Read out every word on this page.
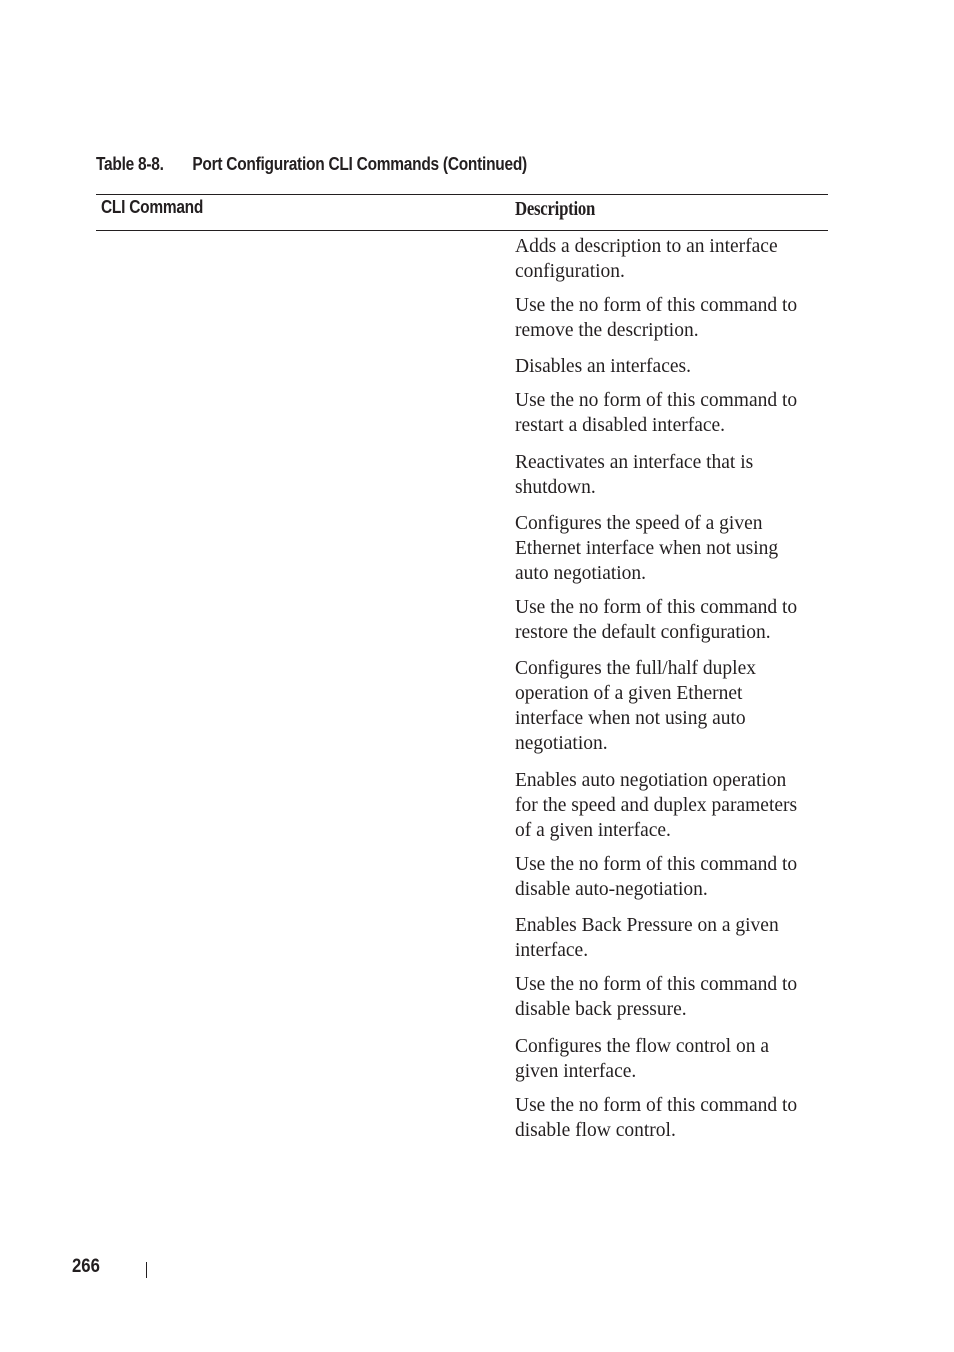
Table 8-8. Port Configuration CLI Commands (Continued)
CLI Command	Description
Adds a description to an interface
configuration.
Use the no form of this command to
remove the description.
Disables an interfaces.
Use the no form of this command to
restart a disabled interface.
Reactivates an interface that is
shutdown.
Configures the speed of a given
Ethernet interface when not using
auto negotiation.
Use the no form of this command to
restore the default configuration.
Configures the full/half duplex
operation of a given Ethernet
interface when not using auto
negotiation.
Enables auto negotiation operation
for the speed and duplex parameters
of a given interface.
Use the no form of this command to
disable auto-negotiation.
Enables Back Pressure on a given
interface.
Use the no form of this command to
disable back pressure.
Configures the flow control on a
given interface.
Use the no form of this command to
disable flow control.
266
